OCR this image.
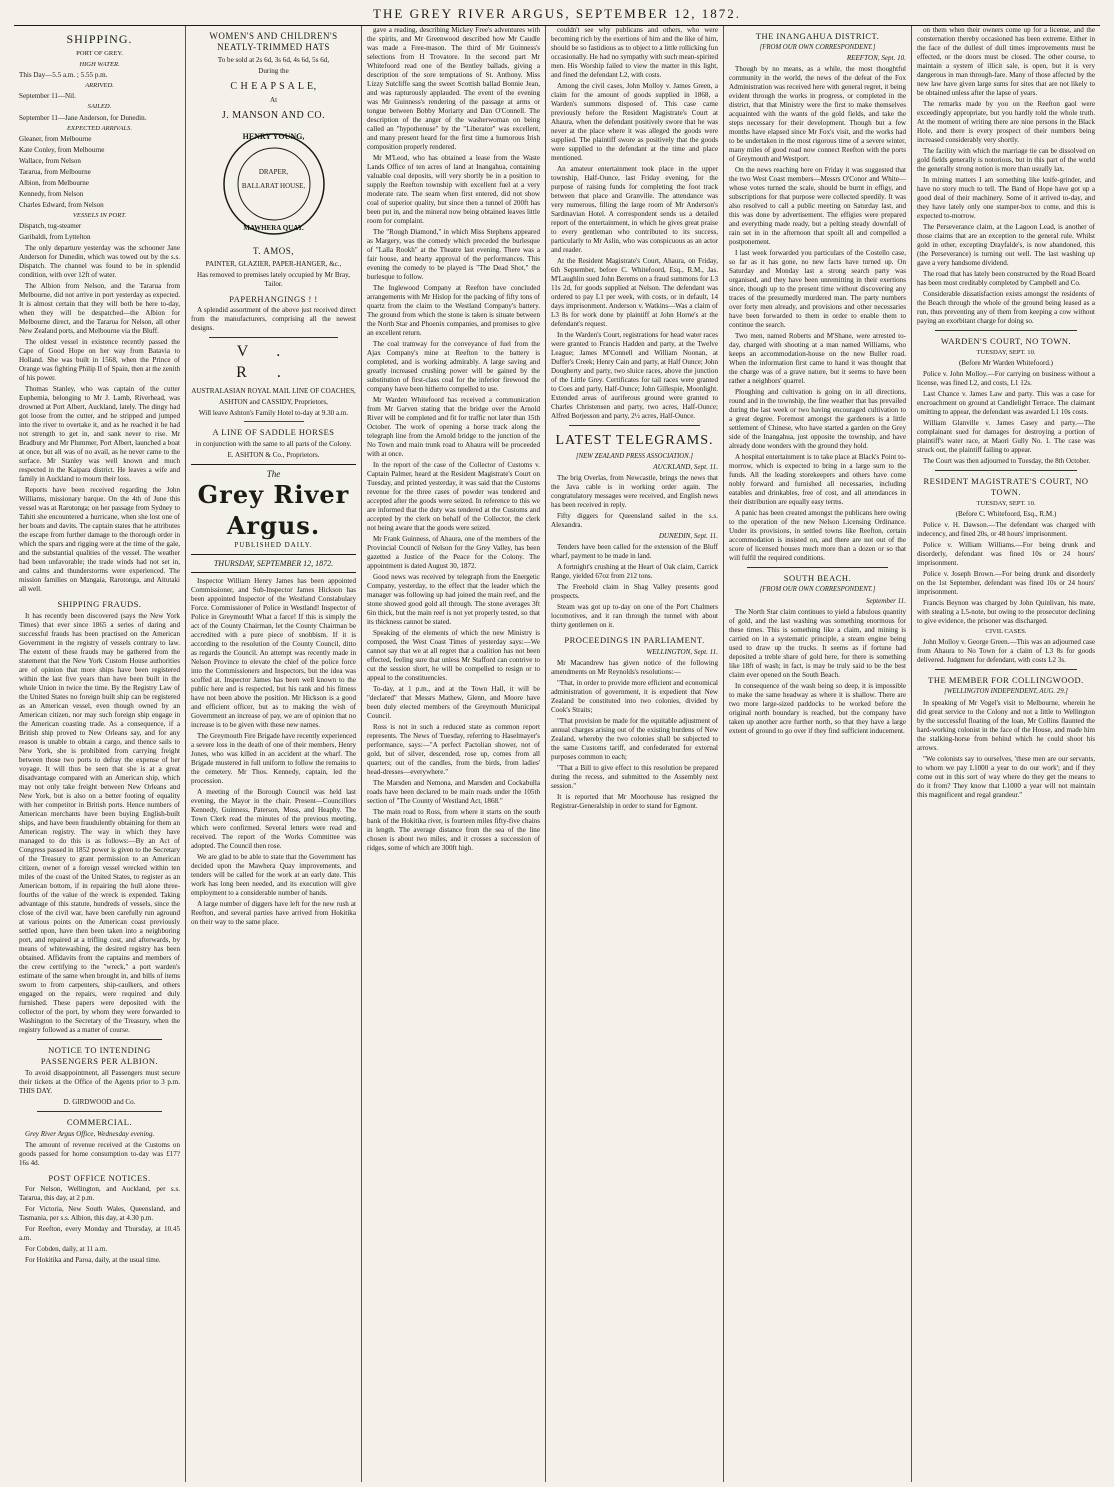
THE GREY RIVER ARGUS, SEPTEMBER 12, 1872.
SHIPPING.
PORT OF GREY.
HIGH WATER.

This Day—5.5 a.m. ; 5.55 p.m.

ARRIVED.

September 11—Nil.

SAILED.

September 11—Jane Anderson, for Dunedin.

EXPECTED ARRIVALS.

Gleaner, from Melbourne

Kate Conley, from Melbourne

Wallace, from Nelson

Tararua, from Melbourne

Albion, from Melbourne

Kennedy, from Nelson

Charles Edward, from Nelson

VESSELS IN PORT.

Dispatch, tug-steamer

Garibaldi, from Lyttelton

The only departure yesterday was the schooner Jane Anderson for Dunedin, which was towed out by the s.s. Dispatch. The channel was found to be in splendid condition, with over 12ft of water.

The Albion from Nelson, and the Tararua from Melbourne, did not arrive in port yesterday as expected. It is almost certain that they will both be here to-day, when they will be despatched—the Albion for Melbourne direct, and the Tararua for Nelson, all other New Zealand ports, and Melbourne via the Bluff.

The oldest vessel in existence recently passed the Cape of Good Hope on her way from Batavia to Holland. She was built in 1568, when the Prince of Orange was fighting Philip II of Spain, then at the zenith of his power.

Thomas Stanley, who was captain of the cutter Euphemia, belonging to Mr J. Lamb, Riverhead, was drowned at Port Albert, Auckland, lately. The dingy had got loose from the cutter, and he stripped and jumped into the river to overtake it, and as he reached it he had not strength to get in, and sank never to rise. Mr Bradbury and Mr Plummer, Port Albert, launched a boat at once, but all was of no avail, as he never came to the surface. Mr Stanley was well known and much respected in the Kaipara district. He leaves a wife and family in Auckland to mourn their loss.

Reports have been received regarding the John Williams, missionary barque. On the 4th of June this vessel was at Rarotonga; on her passage from Sydney to Tahiti she encountered a hurricane, when she lost one of her boats and davits. The captain states that he attributes the escape from further damage to the thorough order in which the spars and rigging were at the time of the gale, and the substantial qualities of the vessel. The weather had been unfavorable; the trade winds had not set in, and calms and thunderstorms were experienced. The mission families on Mangaia, Rarotonga, and Aitutaki all well.

SHIPPING FRAUDS.

It has recently been discovered (says the New York Times) that ever since 1865 a series of daring and successful frauds has been practised on the American Government in the registry of vessels contrary to law. The extent of these frauds may be gathered from the statement that the New York Custom House authorities are of opinion that more ships have been registered within the last five years than have been built in the whole Union in twice the time. By the Registry Law of the United States no foreign built ship can be registered as an American vessel, even though owned by an American citizen, nor may such foreign ship engage in the American coasting trade. As a consequence, if a British ship proved to New Orleans say, and for any reason is unable to obtain a cargo, and thence sails to New York, she is prohibited from carrying freight between those two ports to defray the expense of her voyage. It will thus be seen that she is at a great disadvantage compared with an American ship, which may not only take freight between New Orleans and New York, but is also on a better footing of equality with her competitor in British ports. Hence numbers of American merchants have been buying English-built ships, and have been fraudulently obtaining for them an American registry. The way in which they have managed to do this is as follows:—By an Act of Congress passed in 1852 power is given to the Secretary of the Treasury to grant permission to an American citizen, owner of a foreign vessel wrecked within ten miles of the coast of the United States, to register as an American bottom, if in repairing the hull alone three-fourths of the value of the wreck is expended. Taking advantage of this statute, hundreds of vessels, since the close of the civil war, have been carefully run aground at various points on the American coast previously settled upon, have then been taken into a neighboring port, and repaired at a trifling cost, and afterwards, by means of whitewashing, the desired registry has been obtained. Affidavits from the captains and members of the crew certifying to the "wreck," a port warden's estimate of the same when brought in, and bills of items sworn to from carpenters, ship-caulkers, and others engaged on the repairs, were required and duly furnished. These papers were deposited with the collector of the port, by whom they were forwarded to Washington to the Secretary of the Treasury, when the registry followed as a matter of course.

NOTICE TO INTENDING PASSENGERS PER ALBION.

To avoid disappointment, all Passengers must secure their tickets at the Office of the Agents prior to 3 p.m. THIS DAY.

D. GIRDWOOD and Co.

COMMERCIAL.

Grey River Argus Office, Wednesday evening.

The amount of revenue received at the Customs on goods passed for home consumption to-day was £17? 16s 4d.

POST OFFICE NOTICES.

For Nelson, Wellington, and Auckland, per s.s. Tararua, this day, at 2 p.m.

For Victoria, New South Wales, Queensland, and Tasmania, per s.s. Albion, this day, at 4.30 p.m.

For Reefton, every Monday and Thursday, at 10.45 a.m.

For Cobden, daily, at 11 a.m.

For Hokitika and Paroa, daily, at the usual time.

WOMEN'S AND CHILDREN'S NEATLY-TRIMMED HATS

To be sold at 2s 6d, 3s 6d, 4s 6d, 5s 6d,

During the

C H E A P S A L E,

At

J. MANSON AND CO.
HENRY YOUNG,
DRAPER,
BALLARAT HOUSE,
MAWHERA QUAY.
T. AMOS,

PAINTER, GLAZIER, PAPER-HANGER, &c.,

Has removed to premises lately occupied by Mr Bray, Tailor.

PAPERHANGINGS ! !

A splendid assortment of the above just received direct from the manufacturers, comprising all the newest designs.

V. R.

AUSTRALASIAN ROYAL MAIL LINE OF COACHES,

ASHTON and CASSIDY, Proprietors,

Will leave Ashton's Family Hotel to-day at 9.30 a.m.

A LINE OF SADDLE HORSES

in conjunction with the same to all parts of the Colony.

E. ASHTON & Co., Proprietors.

The
Grey River Argus.
PUBLISHED DAILY.
THURSDAY, SEPTEMBER 12, 1872.

Inspector William Henry James has been appointed Commissioner, and Sub-Inspector James Hickson has been appointed Inspector of the Westland Constabulary Force. Commissioner of Police in Westland! Inspector of Police in Greymouth! What a farce! If this is simply the act of the County Chairman, let the County Chairman be accredited with a pure piece of snobbism. If it is according to the resolution of the County Council, ditto as regards the Council. An attempt was recently made in Nelson Province to elevate the chief of the police force into the Commissioners and Inspectors, but the idea was scoffed at. Inspector James has been well known to the public here and is respected, but his rank and his fitness have not been above the position. Mr Hickson is a good and efficient officer, but as to making the wish of Government an increase of pay, we are of opinion that no increase is to be given with these new names.

The Greymouth Fire Brigade have recently experienced a severe loss in the death of one of their members, Henry Jones, who was killed in an accident at the wharf. The Brigade mustered in full uniform to follow the remains to the cemetery. Mr Thos. Kennedy, captain, led the procession.

A meeting of the Borough Council was held last evening, the Mayor in the chair. Present—Councillors Kennedy, Guinness, Paterson, Moss, and Heaphy. The Town Clerk read the minutes of the previous meeting, which were confirmed. Several letters were read and received. The report of the Works Committee was adopted. The Council then rose.

We are glad to be able to state that the Government has decided upon the Mawhera Quay improvements, and tenders will be called for the work at an early date. This work has long been needed, and its execution will give employment to a considerable number of hands.

A large number of diggers have left for the new rush at Reefton, and several parties have arrived from Hokitika on their way to the same place.

gave a reading, describing Mickey Free's adventures with the spirits, and Mr Greenwood described how Mr Caudle was made a Free-mason. The third of Mr Guinness's selections from H Trovatore. In the second part Mr Whitefoord read one of the Bentley ballads, giving a description of the sore temptations of St. Anthony. Miss Lizzy Sutcliffe sang the sweet Scottish ballad Bonnie Jean, and was rapturously applauded. The event of the evening was Mr Guinness's rendering of the passage at arms or tongue between Bobby Moriarty and Dan O'Connell. The description of the anger of the washerwoman on being called an "hypothenuse" by the "Liberator" was excellent, and many present heard for the first time a humorous Irish composition properly rendered.

Mr M'Leod, who has obtained a lease from the Waste Lands Office of ten acres of land at Inangahua, containing valuable coal deposits, will very shortly be in a position to supply the Reefton township with excellent fuel at a very moderate rate. The seam when first entered, did not show coal of superior quality, but since then a tunnel of 200ft has been put in, and the mineral now being obtained leaves little room for complaint.

The "Rough Diamond," in which Miss Stephens appeared as Margery, was the comedy which preceded the burlesque of "Lalla Rookh" at the Theatre last evening. There was a fair house, and hearty approval of the performances. This evening the comedy to be played is "The Dead Shot," the burlesque to follow.

The Inglewood Company at Reefton have concluded arrangements with Mr Hislop for the packing of fifty tons of quartz from the claim to the Westland Company's battery. The ground from which the stone is taken is situate between the North Star and Phoenix companies, and promises to give an excellent return.

The coal tramway for the conveyance of fuel from the Ajax Company's mine at Reefton to the battery is completed, and is working admirably. A large saving and greatly increased crushing power will be gained by the substitution of first-class coal for the inferior firewood the company have been hitherto compelled to use.

Mr Warden Whitefoord has received a communication from Mr Garven stating that the bridge over the Arnold River will be completed and fit for traffic not later than 15th October. The work of opening a horse track along the telegraph line from the Arnold bridge to the junction of the No Town and main trunk road to Ahaura will be proceeded with at once.

In the report of the case of the Collector of Customs v. Captain Palmer, heard at the Resident Magistrate's Court on Tuesday, and printed yesterday, it was said that the Customs revenue for the three cases of powder was tendered and accepted after the goods were seized. In reference to this we are informed that the duty was tendered at the Customs and accepted by the clerk on behalf of the Collector, the clerk not being aware that the goods were seized.

Mr Frank Guinness, of Ahaura, one of the members of the Provincial Council of Nelson for the Grey Valley, has been gazetted a Justice of the Peace for the Colony. The appointment is dated August 30, 1872.

Good news was received by telegraph from the Energetic Company, yesterday, to the effect that the leader which the manager was following up had joined the main reef, and the stone showed good gold all through. The stone averages 3ft 6in thick, but the main reef is not yet properly tested, so that its thickness cannot be stated.

Speaking of the elements of which the new Ministry is composed, the West Coast Times of yesterday says:—We cannot say that we at all regret that a coalition has not been effected, feeling sure that unless Mr Stafford can contrive to cut the session short, he will be compelled to resign or to appeal to the constituencies.

To-day, at 1 p.m., and at the Town Hall, it will be "declared" that Messrs Mathew, Glenn, and Moore have been duly elected members of the Greymouth Municipal Council.

Ross is not in such a reduced state as common report represents. The News of Tuesday, referring to Haselmayer's performance, says:—"A perfect Pactolian shower, not of gold, but of silver, descended, rose up, comes from all quarters; out of the candles, from the birds, from ladies' head-dresses—everywhere."

The Marsden and Nemona, and Marsden and Cockabulla roads have been declared to be main roads under the 105th section of "The County of Westland Act, 1868."

The main road to Ross, from where it starts on the south bank of the Hokitika river, is fourteen miles fifty-five chains in length. The average distance from the sea of the line chosen is about two miles, and it crosses a succession of ridges, some of which are 300ft high.

couldn't see why publicans and others, who were becoming rich by the exertions of him and the like of him, should be so fastidious as to object to a little rollicking fun occasionally. He had no sympathy with such mean-spirited men. His Worship failed to view the matter in this light, and fined the defendant L2, with costs.

Among the civil cases, John Molloy v. James Green, a claim for the amount of goods supplied in 1868, a Warden's summons disposed of. This case came previously before the Resident Magistrate's Court at Ahaura, when the defendant positively swore that he was never at the place where it was alleged the goods were supplied. The plaintiff swore as positively that the goods were supplied to the defendant at the time and place mentioned.

An amateur entertainment took place in the upper township, Half-Ounce, last Friday evening, for the purpose of raising funds for completing the foot track between that place and Granville. The attendance was very numerous, filling the large room of Mr Anderson's Sardinavian Hotel. A correspondent sends us a detailed report of the entertainment, in which he gives great praise to every gentleman who contributed to its success, particularly to Mr Aslin, who was conspicuous as an actor and reader.

At the Resident Magistrate's Court, Ahaura, on Friday, 6th September, before C. Whitefoord, Esq., R.M., Jas. M'Laughlin sued John Berems on a fraud summons for L3 11s 2d, for goods supplied at Nelson. The defendant was ordered to pay L1 per week, with costs, or in default, 14 days imprisonment. Anderson v. Watkins—Was a claim of L3 8s for work done by plaintiff at John Horne's at the defendant's request.

In the Warden's Court, registrations for head water races were granted to Francis Hadden and party, at the Twelve League; James M'Connell and William Noonan, at Duffer's Creek; Henry Cain and party, at Half Ounce; John Dougherty and party, two sluice races, above the junction of the Little Grey. Certificates for tail races were granted to Coes and party, Half-Ounce; John Gillespie, Moonlight. Extended areas of auriferous ground were granted to Charles Christensen and party, two acres, Half-Ounce; Alfred Borjesson and party, 2½ acres, Half-Ounce.

LATEST TELEGRAMS.
[NEW ZEALAND PRESS ASSOCIATION.]

AUCKLAND, Sept. 11.

The brig Overlas, from Newcastle, brings the news that the Java cable is in working order again. The congratulatory messages were received, and English news has been received in reply.

Fifty diggers for Queensland sailed in the s.s. Alexandra.

DUNEDIN, Sept. 11.

Tenders have been called for the extension of the Bluff wharf, payment to be made in land.

A fortnight's crushing at the Heart of Oak claim, Carrick Range, yielded 67oz from 212 tons.

The Freehold claim in Shag Valley presents good prospects.

Steam was got up to-day on one of the Port Chalmers locomotives, and it ran through the tunnel with about thirty gentlemen on it.

PROCEEDINGS IN PARLIAMENT.

WELLINGTON, Sept. 11.

Mr Macandrew has given notice of the following amendments on Mr Reynolds's resolutions:—

"That, in order to provide more efficient and economical administration of government, it is expedient that New Zealand be constituted into two colonies, divided by Cook's Straits;

"That provision be made for the equitable adjustment of annual charges arising out of the existing burdens of New Zealand, whereby the two colonies shall be subjected to the same Customs tariff, and confederated for external purposes common to each;

"That a Bill to give effect to this resolution be prepared during the recess, and submitted to the Assembly next session."

It is reported that Mr Moorhouse has resigned the Registrar-Generalship in order to stand for Egmont.

THE INANGAHUA DISTRICT.
[FROM OUR OWN CORRESPONDENT.]

REEFTON, Sept. 10.

Though by no means, as a while, the most thoughtful community in the world, the news of the defeat of the Fox Administration was received here with general regret, it being evident through the works in progress, or completed in the district, that that Ministry were the first to make themselves acquainted with the wants of the gold fields, and take the steps necessary for their development. Though but a few months have elapsed since Mr Fox's visit, and the works had to be undertaken in the most rigorous time of a severe winter, many miles of good road now connect Reefton with the ports of Greymouth and Westport.

On the news reaching here on Friday it was suggested that the two West Coast members—Messrs O'Conor and White—whose votes turned the scale, should be burnt in effigy, and subscriptions for that purpose were collected speedily. It was also resolved to call a public meeting on Saturday last, and this was done by advertisement. The effigies were prepared and everything made ready, but a pelting steady downfall of rain set in in the afternoon that spoilt all and compelled a postponement.

I last week forwarded you particulars of the Costello case, so far as it has gone, no new facts have turned up. On Saturday and Monday last a strong search party was organised, and they have been unremitting in their exertions since, though up to the present time without discovering any traces of the presumedly murdered man. The party numbers over forty men already, and provisions and other necessaries have been forwarded to them in order to enable them to continue the search.

Two men, named Roberts and M'Shane, were arrested to-day, charged with shooting at a man named Williams, who keeps an accommodation-house on the new Buller road. When the information first came to hand it was thought that the charge was of a grave nature, but it seems to have been rather a neighbors' quarrel.

Ploughing and cultivation is going on in all directions, round and in the township, the fine weather that has prevailed during the last week or two having encouraged cultivation to a great degree. Foremost amongst the gardeners is a little settlement of Chinese, who have started a garden on the Grey side of the Inangahua, just opposite the township, and have already done wonders with the ground they hold.

A hospital entertainment is to take place at Black's Point to-morrow, which is expected to bring in a large sum to the funds. All the leading storekeepers and others have come nobly forward and furnished all necessaries, including eatables and drinkables, free of cost, and all attendances in their distribution are equally easy terms.

A panic has been created amongst the publicans here owing to the operation of the new Nelson Licensing Ordinance. Under its provisions, in settled towns like Reefton, certain accommodation is insisted on, and there are not out of the score of licensed houses much more than a dozen or so that will fulfil the required conditions.

SOUTH BEACH.
[FROM OUR OWN CORRESPONDENT.]

September 11.

The North Star claim continues to yield a fabulous quantity of gold, and the last washing was something enormous for these times. This is something like a claim, and mining is carried on in a systematic principle, a steam engine being used to draw up the trucks. It seems as if fortune had deposited a treble share of gold here, for there is something like 18ft of wash; in fact, is may be truly said to be the best claim ever opened on the South Beach.

In consequence of the wash being so deep, it is impossible to make the same headway as where it is shallow. There are two more large-sized paddocks to be worked before the original north boundary is reached, but the company have taken up another acre further north, so that they have a large extent of ground to go over if they find sufficient inducement.

on them when their owners come up for a license, and the consternation thereby occasioned has been extreme. Either in the face of the dullest of dull times improvements must be effected, or the doors must be closed. The other course, to maintain a system of illicit sale, is open, but it is very dangerous in man through-fare. Many of those affected by the new law have given large sums for sites that are not likely to be obtained unless after the lapse of years.

The remarks made by you on the Reefton gaol were exceedingly appropriate, but you hardly told the whole truth. At the moment of writing there are nine persons in the Black Hole, and there is every prospect of their numbers being increased considerably very shortly.

The facility with which the marriage tie can be dissolved on gold fields generally is notorious, but in this part of the world the generally strong notion is more than usually lax.

In mining matters I am something like knife-grinder, and have no story much to tell. The Band of Hope have got up a good deal of their machinery. Some of it arrived to-day, and they have lately only one stamper-box to come, and this is expected to-morrow.

The Perseverance claim, at the Lagoon Lead, is another of those claims that are an exception to the general rule. Whilst gold in other, excepting Drayfalde's, is now abandoned, this (the Perseverance) is turning out well. The last washing up gave a very handsome dividend.

The road that has lately been constructed by the Road Board has been most creditably completed by Campbell and Co.

Considerable dissatisfaction exists amongst the residents of the Beach through the whole of the ground being leased as a run, thus preventing any of them from keeping a cow without paying an exorbitant charge for doing so.

WARDEN'S COURT, NO TOWN.
TUESDAY, SEPT. 10.

(Before Mr Warden Whitefoord.)

Police v. John Molloy.—For carrying on business without a license, was fined L2, and costs, L1 12s.

Last Chance v. James Law and party. This was a case for encroachment on ground at Candlelight Terrace. The claimant omitting to appear, the defendant was awarded L1 10s costs.

William Glanville v. James Casey and party.—The complainant sued for damages for destroying a portion of plaintiff's water race, at Maori Gully No. 1. The case was struck out, the plaintiff failing to appear.

The Court was then adjourned to Tuesday, the 8th October.

RESIDENT MAGISTRATE'S COURT, NO TOWN.
TUESDAY, SEPT. 10.

(Before C. Whitefoord, Esq., R.M.)

Police v. H. Dawson.—The defendant was charged with indecency, and fined 20s, or 48 hours' imprisonment.

Police v. William Williams.—For being drunk and disorderly, defendant was fined 10s or 24 hours' imprisonment.

Police v. Joseph Brown.—For being drunk and disorderly on the 1st September, defendant was fined 10s or 24 hours' imprisonment.

Francis Beynon was charged by John Quinlivan, his mate, with stealing a L5-note, but owing to the prosecutor declining to give evidence, the prisoner was discharged.

CIVIL CASES.

John Molloy v. George Green.—This was an adjourned case from Ahaura to No Town for a claim of L3 8s for goods delivered. Judgment for defendant, with costs L2 3s.

THE MEMBER FOR COLLINGWOOD.
[WELLINGTON INDEPENDENT, AUG. 29.]

In speaking of Mr Vogel's visit to Melbourne, wherein he did great service to the Colony and not a little to Wellington by the successful floating of the loan, Mr Collins flaunted the hard-working colonist in the face of the House, and made him the stalking-horse from behind which he could shoot his arrows.

"We colonists say to ourselves, 'these men are our servants, to whom we pay L1000 a year to do our work'; and if they come out in this sort of way where do they get the means to do it from? They know that L1000 a year will not maintain this magnificent and regal grandeur."
